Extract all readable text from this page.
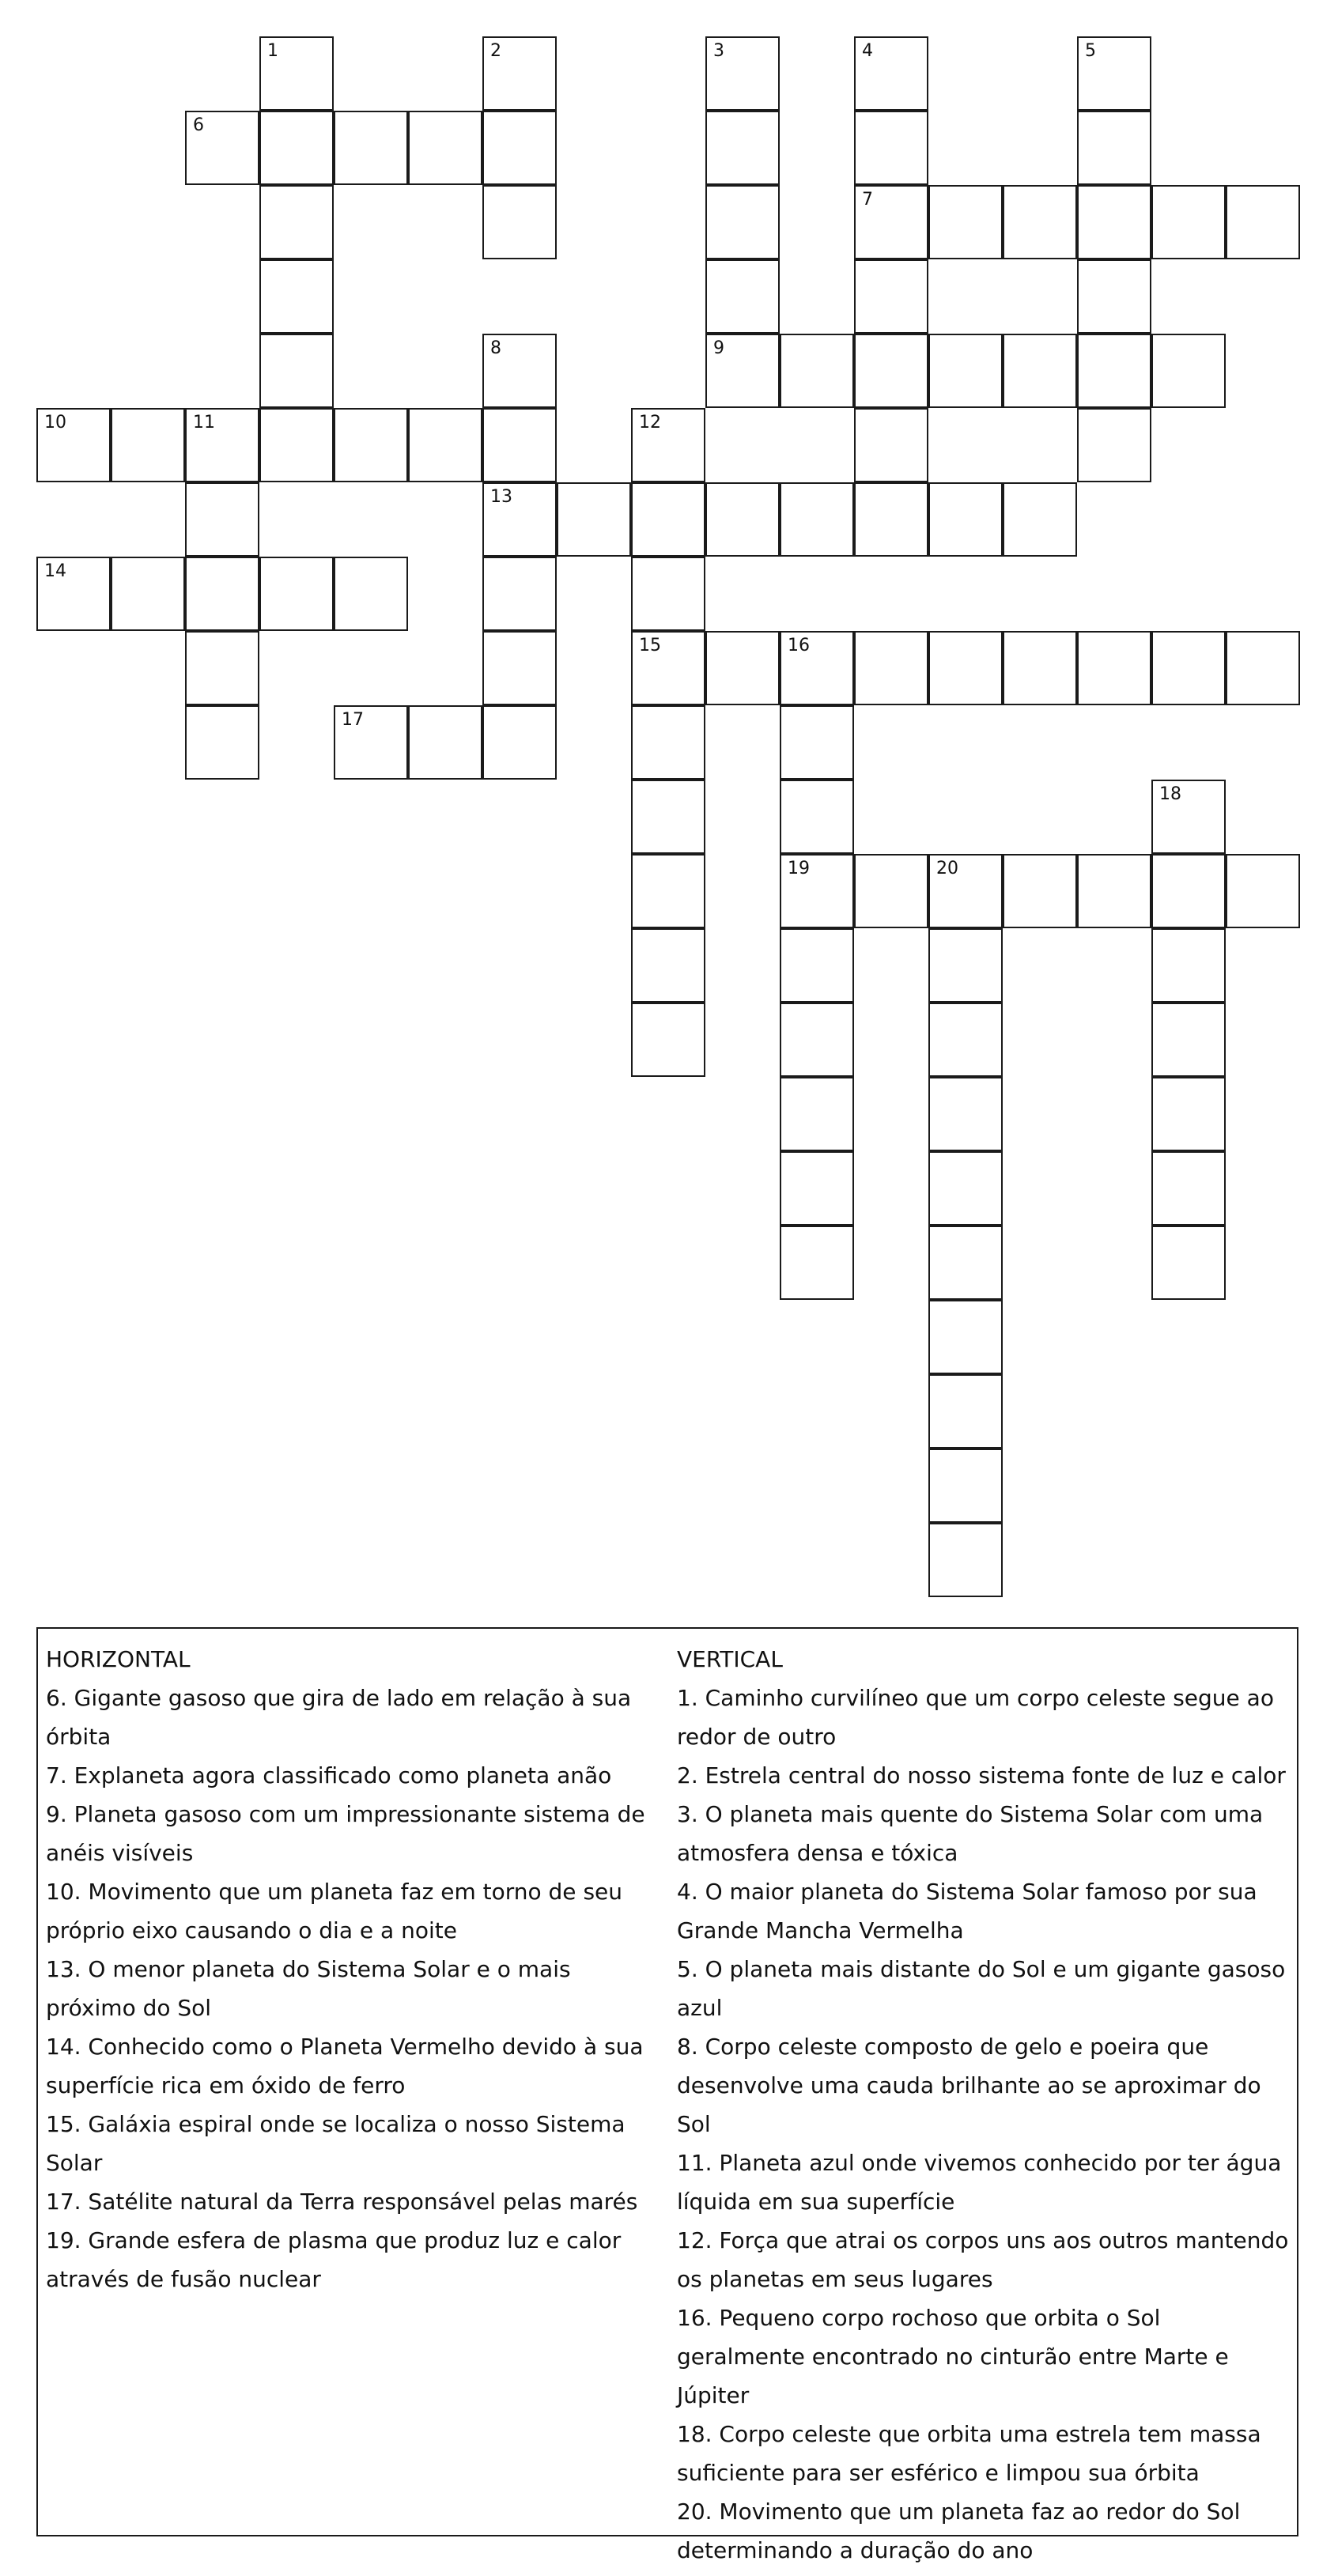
1	2	3	4
7
5
6
8
13
9
10	11	12
15
14
16
19
17
18
20
HORIZONTAL
6. Gigante gasoso que gira de lado em relação à sua órbita
7. Explaneta agora classificado como planeta anão
9. Planeta gasoso com um impressionante sistema de anéis visíveis
10. Movimento que um planeta faz em torno de seu próprio eixo causando o dia e a noite
13. O menor planeta do Sistema Solar e o mais próximo do Sol
14. Conhecido como o Planeta Vermelho devido à sua superfície rica em óxido de ferro
15. Galáxia espiral onde se localiza o nosso Sistema Solar
17. Satélite natural da Terra responsável pelas marés
19. Grande esfera de plasma que produz luz e calor através de fusão nuclear
VERTICAL
1. Caminho curvilíneo que um corpo celeste segue ao redor de outro
2. Estrela central do nosso sistema fonte de luz e calor
3. O planeta mais quente do Sistema Solar com uma atmosfera densa e tóxica
4. O maior planeta do Sistema Solar famoso por sua Grande Mancha Vermelha
5. O planeta mais distante do Sol e um gigante gasoso azul
8. Corpo celeste composto de gelo e poeira que desenvolve uma cauda brilhante ao se aproximar do Sol
11. Planeta azul onde vivemos conhecido por ter água líquida em sua superfície
12. Força que atrai os corpos uns aos outros mantendo os planetas em seus lugares
16. Pequeno corpo rochoso que orbita o Sol geralmente encontrado no cinturão entre Marte e Júpiter
18. Corpo celeste que orbita uma estrela tem massa suficiente para ser esférico e limpou sua órbita
20. Movimento que um planeta faz ao redor do Sol determinando a duração do ano
